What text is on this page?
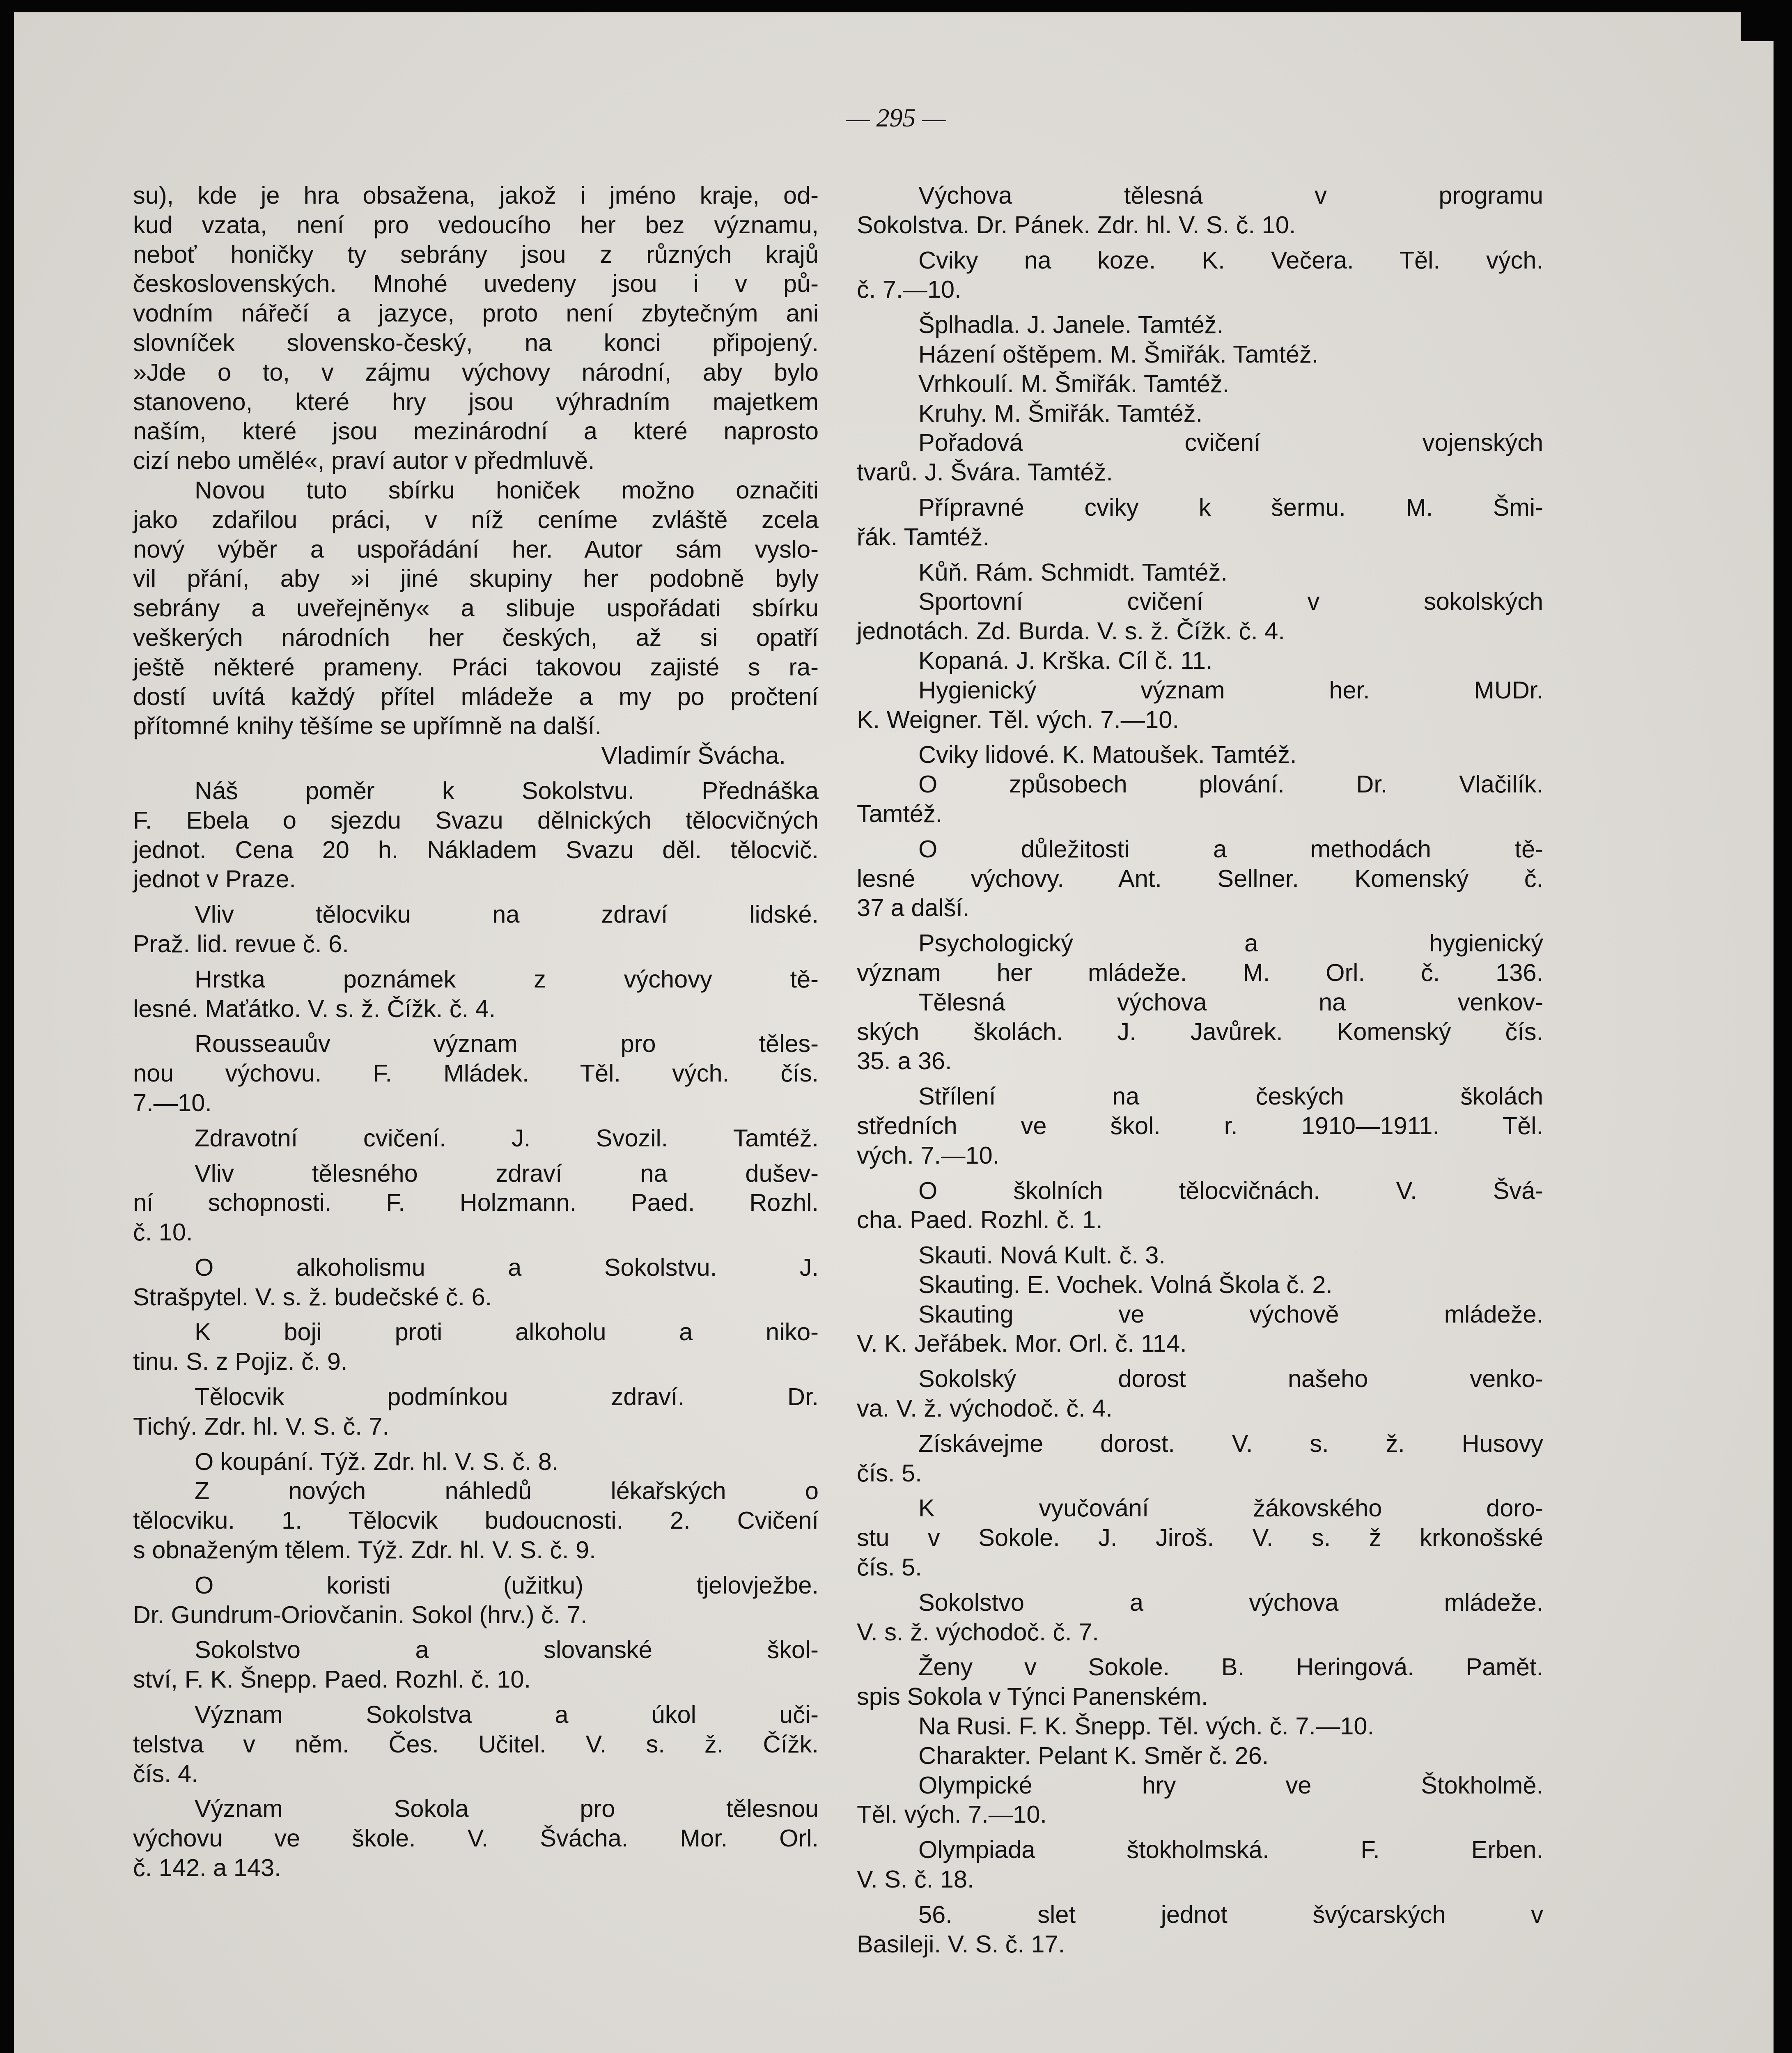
— 295 —
su), kde je hra obsažena, jakož i jméno kraje, od-
kud vzata, není pro vedoucího her bez významu,
neboť honičky ty sebrány jsou z různých krajů
československých. Mnohé uvedeny jsou i v pů-
vodním nářečí a jazyce, proto není zbytečným ani
slovníček slovensko-český, na konci připojený.
»Jde o to, v zájmu výchovy národní, aby bylo
stanoveno, které hry jsou výhradním majetkem
naším, které jsou mezinárodní a které naprosto
cizí nebo umělé«, praví autor v předmluvě.
Novou tuto sbírku honiček možno označiti
jako zdařilou práci, v níž ceníme zvláště zcela
nový výběr a uspořádání her. Autor sám vyslo-
vil přání, aby »i jiné skupiny her podobně byly
sebrány a uveřejněny« a slibuje uspořádati sbírku
veškerých národních her českých, až si opatří
ještě některé prameny. Práci takovou zajisté s ra-
dostí uvítá každý přítel mládeže a my po pročtení
přítomné knihy těšíme se upřímně na další.
Vladimír Švácha.
Náš poměr k Sokolstvu. Přednáška
F. Ebela o sjezdu Svazu dělnických tělocvičných
jednot. Cena 20 h. Nákladem Svazu děl. tělocvič.
jednot v Praze.
Vliv tělocviku na zdraví lidské.
Praž. lid. revue č. 6.
Hrstka poznámek z výchovy tě-
lesné. Maťátko. V. s. ž. Čížk. č. 4.
Rousseauův význam pro těles-
nou výchovu. F. Mládek. Těl. vých. čís.
7.—10.
Zdravotní cvičení. J. Svozil. Tamtéž.
Vliv tělesného zdraví na dušev-
ní schopnosti. F. Holzmann. Paed. Rozhl.
č. 10.
O alkoholismu a Sokolstvu. J.
Strašpytel. V. s. ž. budečské č. 6.
K boji proti alkoholu a niko-
tinu. S. z Pojiz. č. 9.
Tělocvik podmínkou zdraví. Dr.
Tichý. Zdr. hl. V. S. č. 7.
O koupání. Týž. Zdr. hl. V. S. č. 8.
Z nových náhledů lékařských o
tělocviku. 1. Tělocvik budoucnosti. 2. Cvičení
s obnaženým tělem. Týž. Zdr. hl. V. S. č. 9.
O koristi (užitku) tjelovježbe.
Dr. Gundrum-Oriovčanin. Sokol (hrv.) č. 7.
Sokolstvo a slovanské škol-
ství, F. K. Šnepp. Paed. Rozhl. č. 10.
Význam Sokolstva a úkol uči-
telstva v něm. Čes. Učitel. V. s. ž. Čížk.
čís. 4.
Význam Sokola pro tělesnou
výchovu ve škole. V. Švácha. Mor. Orl.
č. 142. a 143.
Výchova tělesná v programu
Sokolstva. Dr. Pánek. Zdr. hl. V. S. č. 10.
Cviky na koze. K. Večera. Těl. vých.
č. 7.—10.
Šplhadla. J. Janele. Tamtéž.
Házení oštěpem. M. Šmiřák. Tamtéž.
Vrhkoulí. M. Šmiřák. Tamtéž.
Kruhy. M. Šmiřák. Tamtéž.
Pořadová cvičení vojenských
tvarů. J. Švára. Tamtéž.
Přípravné cviky k šermu. M. Šmi-
řák. Tamtéž.
Kůň. Rám. Schmidt. Tamtéž.
Sportovní cvičení v sokolských
jednotách. Zd. Burda. V. s. ž. Čížk. č. 4.
Kopaná. J. Krška. Cíl č. 11.
Hygienický význam her. MUDr.
K. Weigner. Těl. vých. 7.—10.
Cviky lidové. K. Matoušek. Tamtéž.
O způsobech plování. Dr. Vlačilík.
Tamtéž.
O důležitosti a methodách tě-
lesné výchovy. Ant. Sellner. Komenský č.
37 a další.
Psychologický a hygienický
význam her mládeže. M. Orl. č. 136.
Tělesná výchova na venkov-
ských školách. J. Javůrek. Komenský čís.
35. a 36.
Střílení na českých školách
středních ve škol. r. 1910—1911. Těl.
vých. 7.—10.
O školních tělocvičnách. V. Švá-
cha. Paed. Rozhl. č. 1.
Skauti. Nová Kult. č. 3.
Skauting. E. Vochek. Volná Škola č. 2.
Skauting ve výchově mládeže.
V. K. Jeřábek. Mor. Orl. č. 114.
Sokolský dorost našeho venko-
va. V. ž. východoč. č. 4.
Získávejme dorost. V. s. ž. Husovy
čís. 5.
K vyučování žákovského doro-
stu v Sokole. J. Jiroš. V. s. ž krkonošské
čís. 5.
Sokolstvo a výchova mládeže.
V. s. ž. východoč. č. 7.
Ženy v Sokole. B. Heringová. Pamět.
spis Sokola v Týnci Panenském.
Na Rusi. F. K. Šnepp. Těl. vých. č. 7.—10.
Charakter. Pelant K. Směr č. 26.
Olympické hry ve Štokholmě.
Těl. vých. 7.—10.
Olympiada štokholmská. F. Erben.
V. S. č. 18.
56. slet jednot švýcarských v
Basileji. V. S. č. 17.
